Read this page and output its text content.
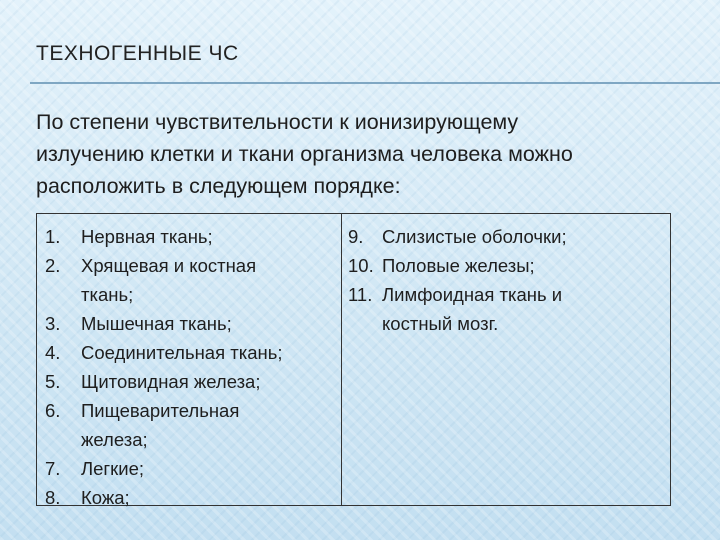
ТЕХНОГЕННЫЕ ЧС
По степени чувствительности к ионизирующему
излучению клетки и ткани организма человека можно
расположить в следующем порядке:
1.	Нервная ткань;
2.	Хрящевая и костная
ткань;
3.	Мышечная ткань;
4.	Соединительная ткань;
5.	Щитовидная железа;
6.	Пищеварительная
железа;
7.	Легкие;
8.	Кожа;
9.	Слизистые оболочки;
10. Половые железы;
11. Лимфоидная ткань и
костный мозг.
